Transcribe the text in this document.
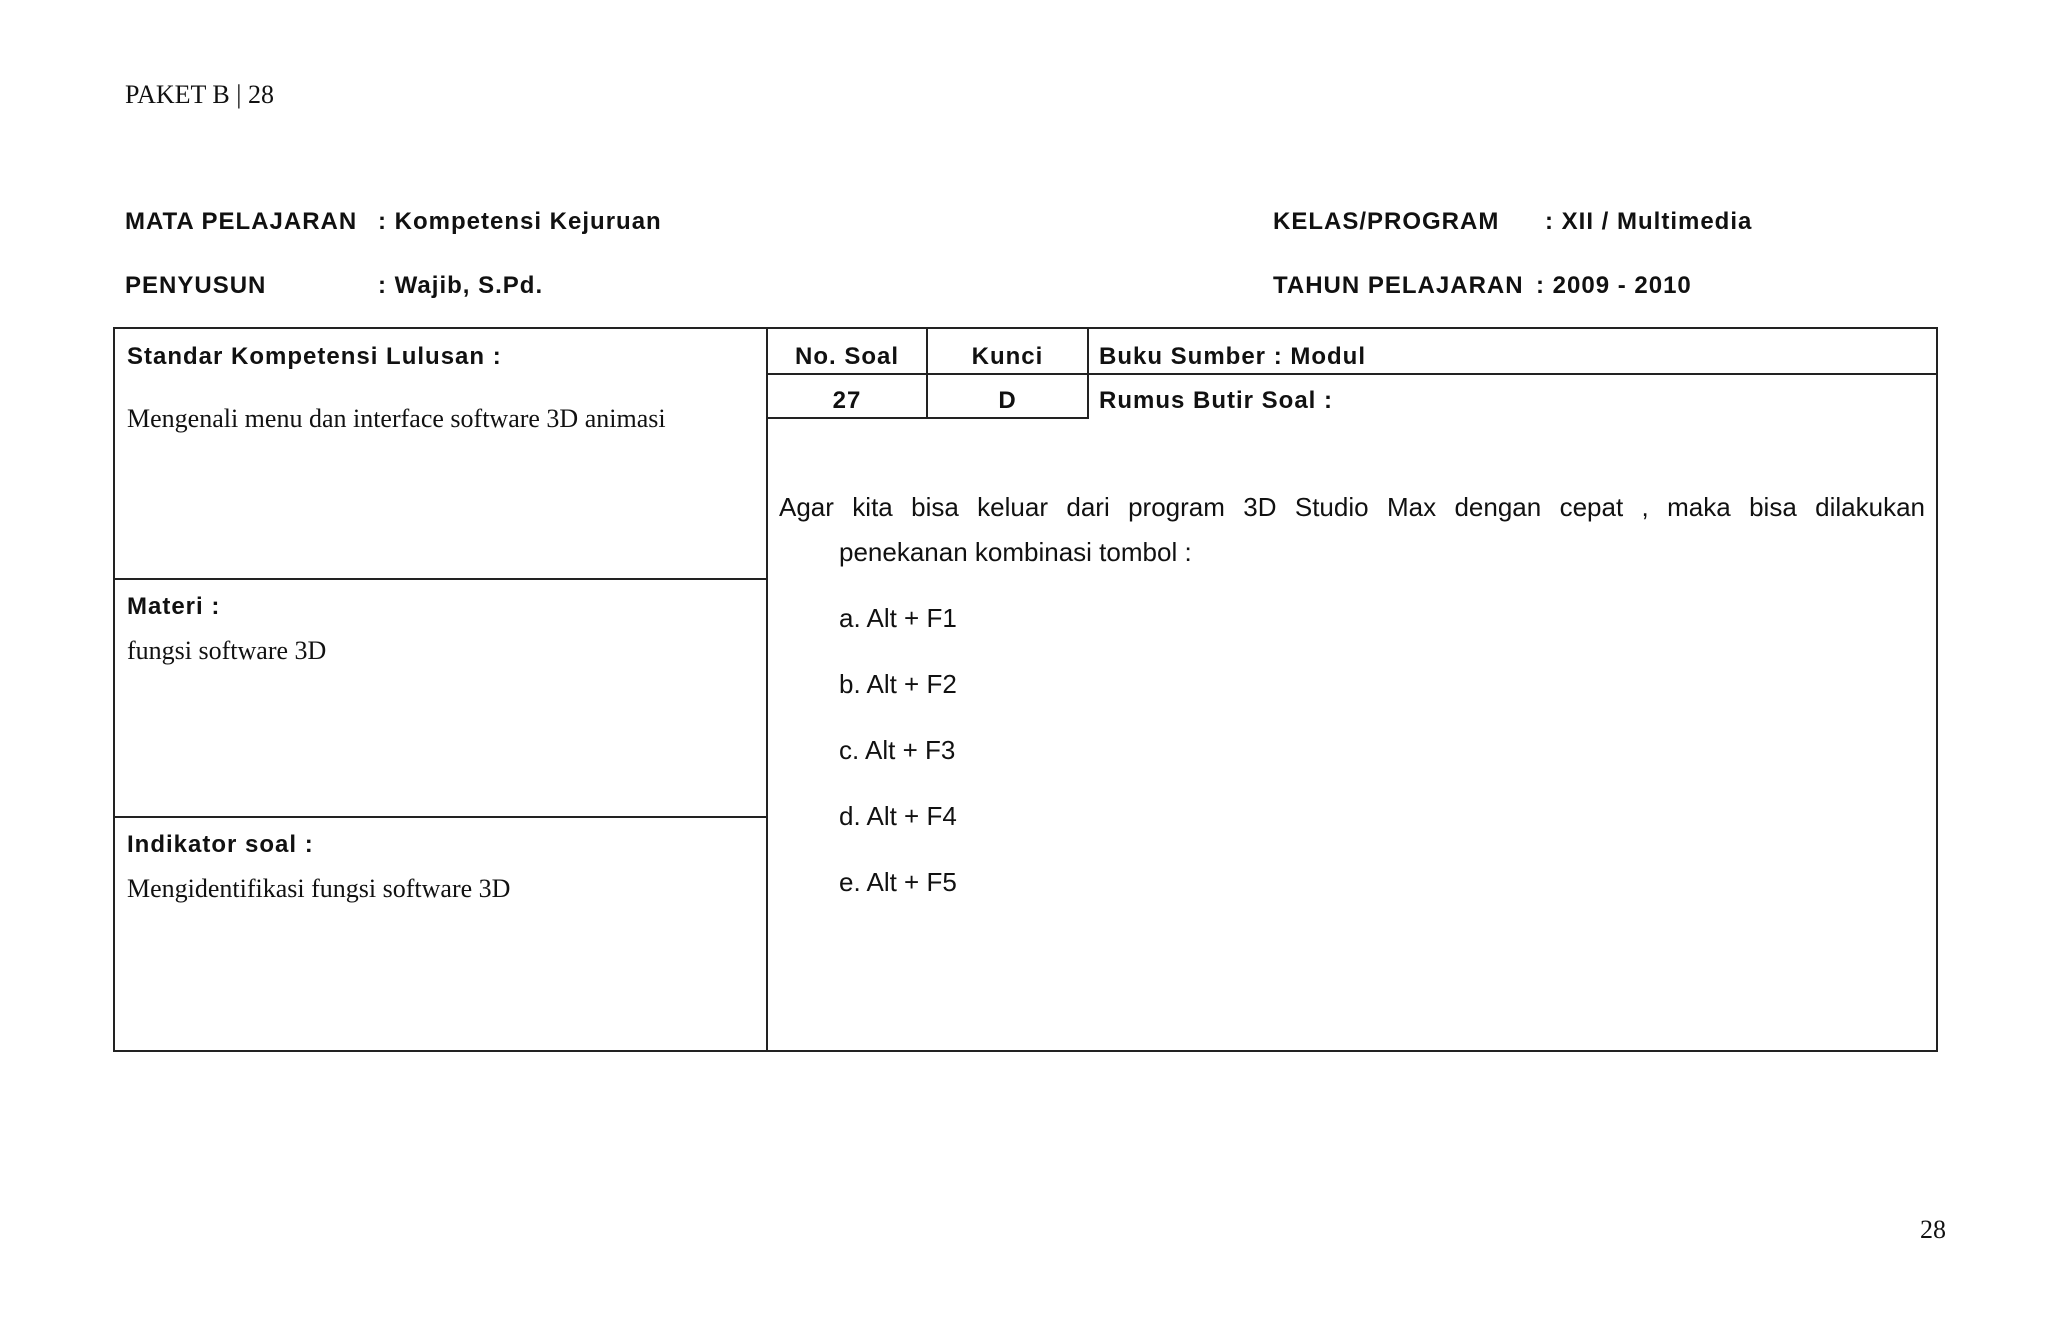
PAKET B | 28
MATA PELAJARAN : Kompetensi Kejuruan
PENYUSUN	: Wajib, S.Pd.
KELAS/PROGRAM : XII / Multimedia
TAHUN PELAJARAN : 2009 - 2010
Standar Kompetensi Lulusan :
Mengenali menu dan interface software 3D animasi
Materi :
fungsi software 3D
Indikator soal :
Mengidentifikasi fungsi software 3D
No. Soal	Kunci
27	D
Buku Sumber : Modul
Rumus Butir Soal :
Agar kita bisa keluar dari program 3D Studio Max dengan cepat , maka bisa dilakukan
penekanan kombinasi tombol :
a. Alt + F1
b. Alt + F2
c. Alt + F3
d. Alt + F4
e. Alt + F5
28
